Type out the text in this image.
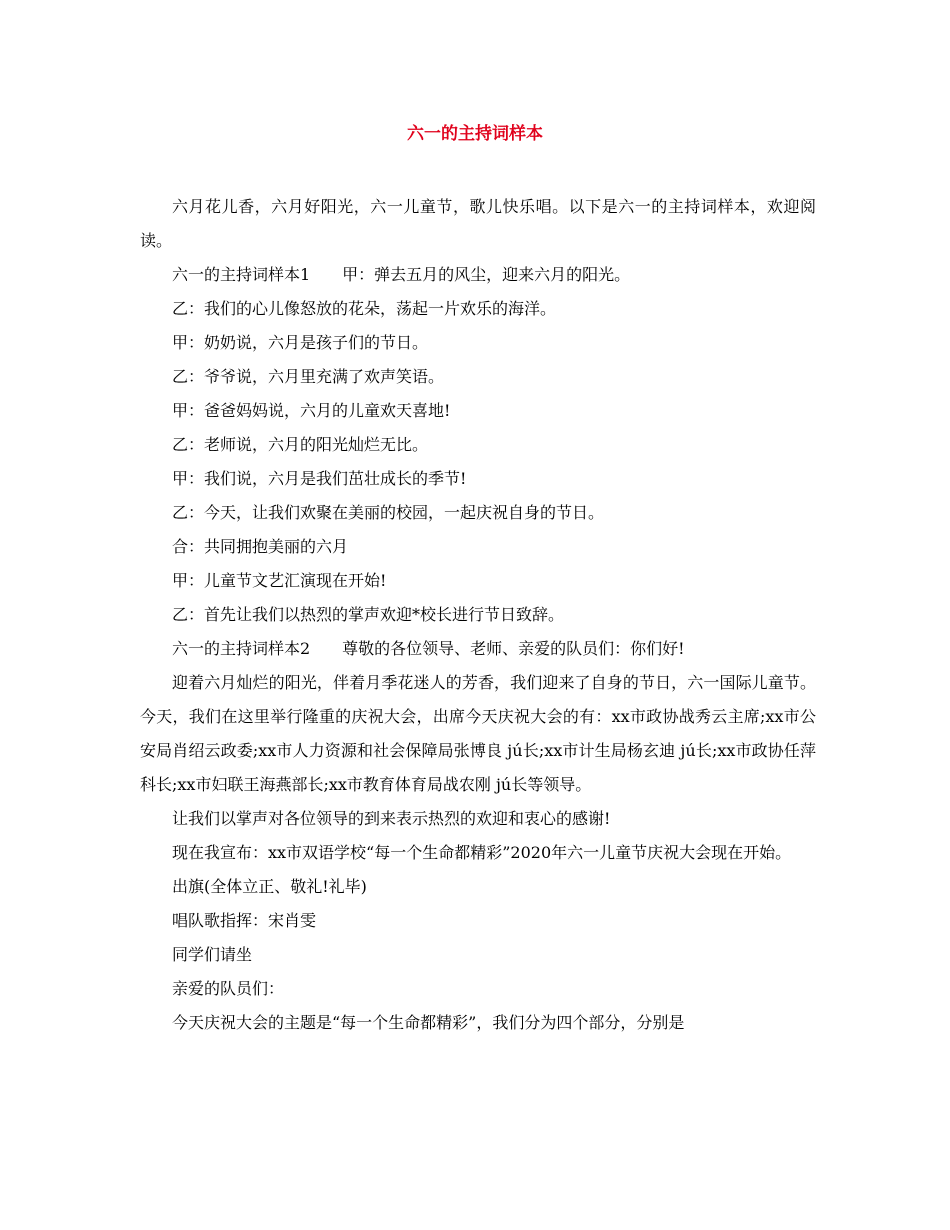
六一的主持词样本

六月花儿香，六月好阳光，六一儿童节，歌儿快乐唱。以下是六一的主持词样本，欢迎阅读。

六一的主持词样本1　　甲：弹去五月的风尘，迎来六月的阳光。

乙：我们的心儿像怒放的花朵，荡起一片欢乐的海洋。

甲：奶奶说，六月是孩子们的节日。

乙：爷爷说，六月里充满了欢声笑语。

甲：爸爸妈妈说，六月的儿童欢天喜地!

乙：老师说，六月的阳光灿烂无比。

甲：我们说，六月是我们茁壮成长的季节!

乙：今天，让我们欢聚在美丽的校园，一起庆祝自身的节日。

合：共同拥抱美丽的六月

甲：儿童节文艺汇演现在开始!

乙：首先让我们以热烈的掌声欢迎*校长进行节日致辞。

六一的主持词样本2　　尊敬的各位领导、老师、亲爱的队员们：你们好!

迎着六月灿烂的阳光，伴着月季花迷人的芳香，我们迎来了自身的节日，六一国际儿童节。今天，我们在这里举行隆重的庆祝大会，出席今天庆祝大会的有：xx市政协战秀云主席;xx市公安局肖绍云政委;xx市人力资源和社会保障局张博良 jú长;xx市计生局杨玄迪 jú长;xx市政协任萍科长;xx市妇联王海燕部长;xx市教育体育局战农刚 jú长等领导。

让我们以掌声对各位领导的到来表示热烈的欢迎和衷心的感谢!

现在我宣布：xx市双语学校“每一个生命都精彩”2020年六一儿童节庆祝大会现在开始。

出旗(全体立正、敬礼!礼毕)

唱队歌指挥：宋肖雯

同学们请坐

亲爱的队员们：

今天庆祝大会的主题是“每一个生命都精彩”，我们分为四个部分，分别是
